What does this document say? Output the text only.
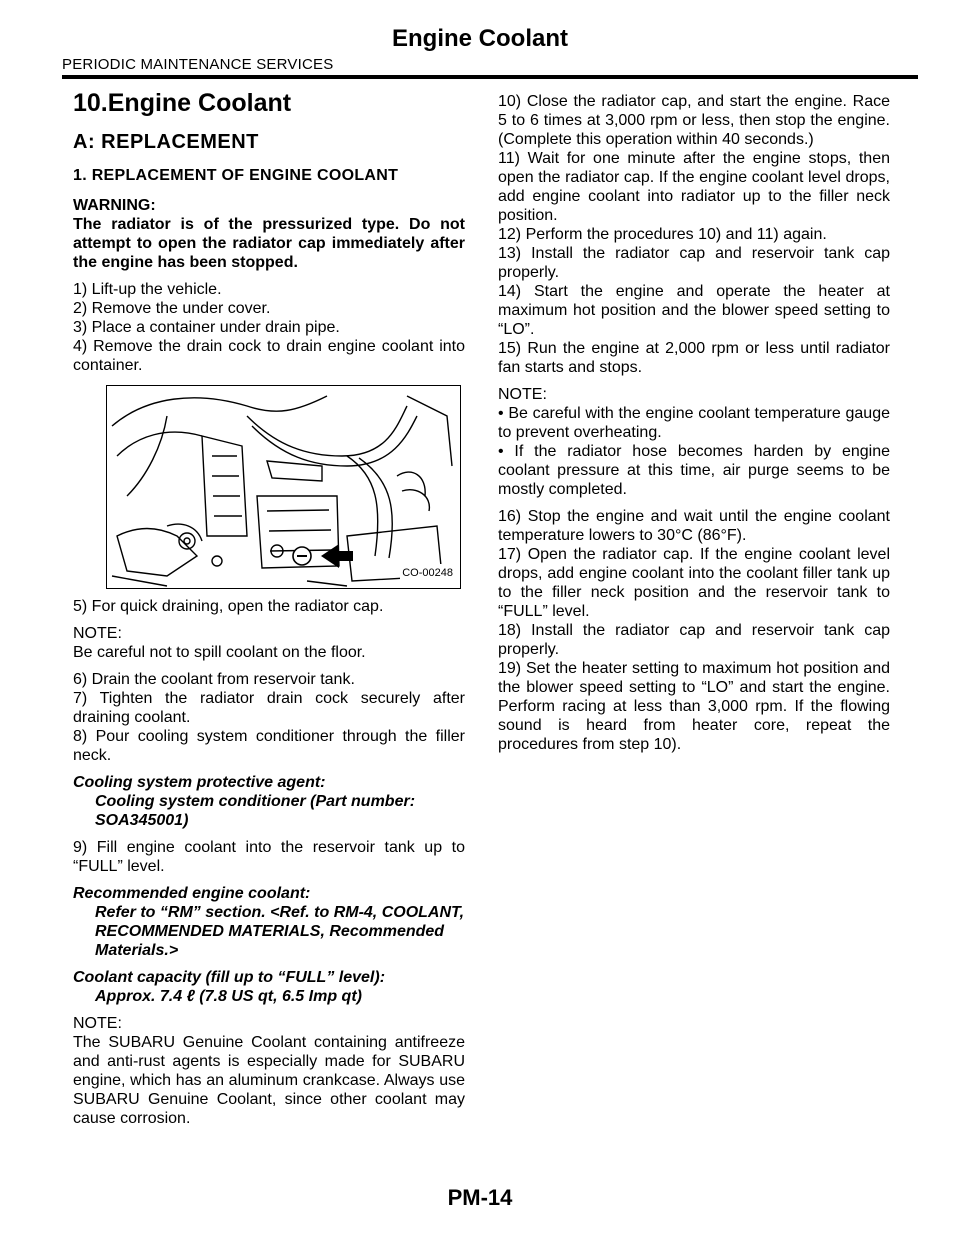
Engine Coolant
PERIODIC MAINTENANCE SERVICES
10.Engine Coolant
A: REPLACEMENT
1. REPLACEMENT OF ENGINE COOLANT
WARNING:

The radiator is of the pressurized type. Do not attempt to open the radiator cap immediately after the engine has been stopped.

1) Lift-up the vehicle.

2) Remove the under cover.

3) Place a container under drain pipe.

4) Remove the drain cock to drain engine coolant into container.

CO-00248

5) For quick draining, open the radiator cap.

NOTE:

Be careful not to spill coolant on the floor.

6) Drain the coolant from reservoir tank.

7) Tighten the radiator drain cock securely after draining coolant.

8) Pour cooling system conditioner through the filler neck.

Cooling system protective agent:
Cooling system conditioner (Part number: SOA345001)

9) Fill engine coolant into the reservoir tank up to “FULL” level.

Recommended engine coolant:
Refer to “RM” section. <Ref. to RM-4, COOLANT, RECOMMENDED MATERIALS, Recommended Materials.>
Coolant capacity (fill up to “FULL” level):
Approx. 7.4 ℓ (7.8 US qt, 6.5 Imp qt)
NOTE:

The SUBARU Genuine Coolant containing antifreeze and anti-rust agents is especially made for SUBARU engine, which has an aluminum crankcase. Always use SUBARU Genuine Coolant, since other coolant may cause corrosion.

10) Close the radiator cap, and start the engine. Race 5 to 6 times at 3,000 rpm or less, then stop the engine. (Complete this operation within 40 seconds.)

11) Wait for one minute after the engine stops, then open the radiator cap. If the engine coolant level drops, add engine coolant into radiator up to the filler neck position.

12) Perform the procedures 10) and 11) again.

13) Install the radiator cap and reservoir tank cap properly.

14) Start the engine and operate the heater at maximum hot position and the blower speed setting to “LO”.

15) Run the engine at 2,000 rpm or less until radiator fan starts and stops.

NOTE:

• Be careful with the engine coolant temperature gauge to prevent overheating.

• If the radiator hose becomes harden by engine coolant pressure at this time, air purge seems to be mostly completed.

16) Stop the engine and wait until the engine coolant temperature lowers to 30°C (86°F).

17) Open the radiator cap. If the engine coolant level drops, add engine coolant into the coolant filler tank up to the filler neck position and the reservoir tank to “FULL” level.

18) Install the radiator cap and reservoir tank cap properly.

19) Set the heater setting to maximum hot position and the blower speed setting to “LO” and start the engine. Perform racing at less than 3,000 rpm. If the flowing sound is heard from heater core, repeat the procedures from step 10).

PM-14
